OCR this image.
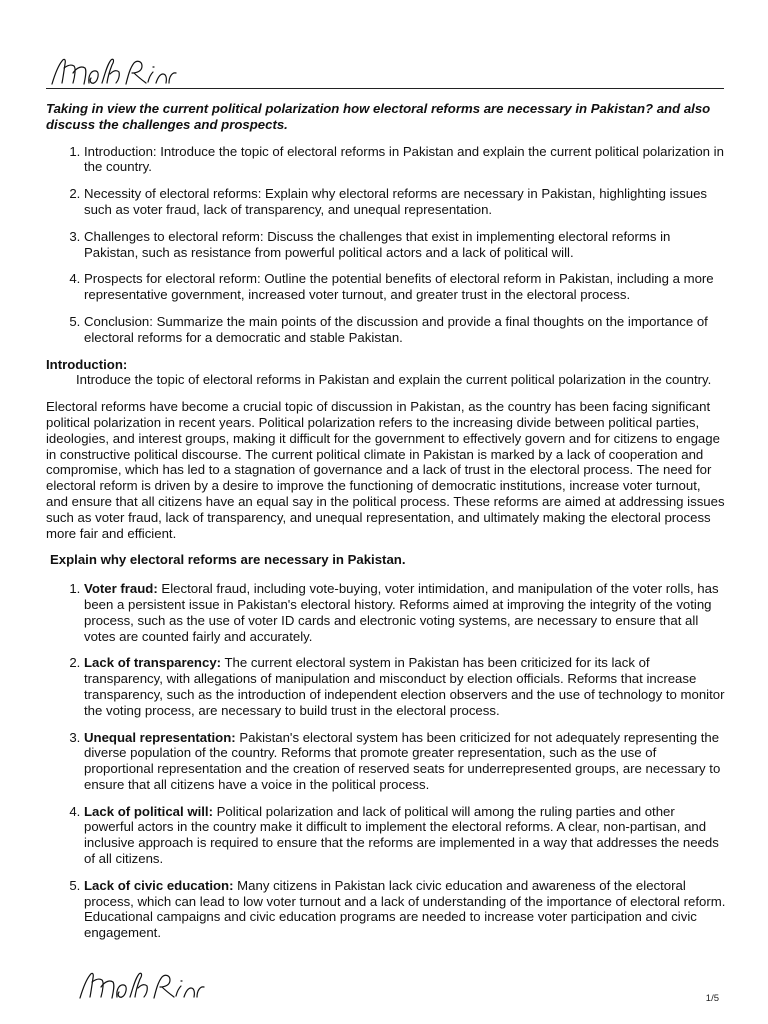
Taking in view the current political polarization how electoral reforms are necessary in Pakistan? and also discuss the challenges and prospects.

1. Introduction: Introduce the topic of electoral reforms in Pakistan and explain the current political polarization in the country.
2. Necessity of electoral reforms: Explain why electoral reforms are necessary in Pakistan, highlighting issues such as voter fraud, lack of transparency, and unequal representation.
3. Challenges to electoral reform: Discuss the challenges that exist in implementing electoral reforms in Pakistan, such as resistance from powerful political actors and a lack of political will.
4. Prospects for electoral reform: Outline the potential benefits of electoral reform in Pakistan, including a more representative government, increased voter turnout, and greater trust in the electoral process.
5. Conclusion: Summarize the main points of the discussion and provide a final thoughts on the importance of electoral reforms for a democratic and stable Pakistan.

Introduction:

Introduce the topic of electoral reforms in Pakistan and explain the current political polarization in the country.

Electoral reforms have become a crucial topic of discussion in Pakistan, as the country has been facing significant political polarization in recent years. Political polarization refers to the increasing divide between political parties, ideologies, and interest groups, making it difficult for the government to effectively govern and for citizens to engage in constructive political discourse. The current political climate in Pakistan is marked by a lack of cooperation and compromise, which has led to a stagnation of governance and a lack of trust in the electoral process. The need for electoral reform is driven by a desire to improve the functioning of democratic institutions, increase voter turnout, and ensure that all citizens have an equal say in the political process. These reforms are aimed at addressing issues such as voter fraud, lack of transparency, and unequal representation, and ultimately making the electoral process more fair and efficient.

Explain why electoral reforms are necessary in Pakistan.

1. Voter fraud: Electoral fraud, including vote-buying, voter intimidation, and manipulation of the voter rolls, has been a persistent issue in Pakistan's electoral history. Reforms aimed at improving the integrity of the voting process, such as the use of voter ID cards and electronic voting systems, are necessary to ensure that all votes are counted fairly and accurately.
2. Lack of transparency: The current electoral system in Pakistan has been criticized for its lack of transparency, with allegations of manipulation and misconduct by election officials. Reforms that increase transparency, such as the introduction of independent election observers and the use of technology to monitor the voting process, are necessary to build trust in the electoral process.
3. Unequal representation: Pakistan's electoral system has been criticized for not adequately representing the diverse population of the country. Reforms that promote greater representation, such as the use of proportional representation and the creation of reserved seats for underrepresented groups, are necessary to ensure that all citizens have a voice in the political process.
4. Lack of political will: Political polarization and lack of political will among the ruling parties and other powerful actors in the country make it difficult to implement the electoral reforms. A clear, non-partisan, and inclusive approach is required to ensure that the reforms are implemented in a way that addresses the needs of all citizens.
5. Lack of civic education: Many citizens in Pakistan lack civic education and awareness of the electoral process, which can lead to low voter turnout and a lack of understanding of the importance of electoral reform. Educational campaigns and civic education programs are needed to increase voter participation and civic engagement.
1/5
